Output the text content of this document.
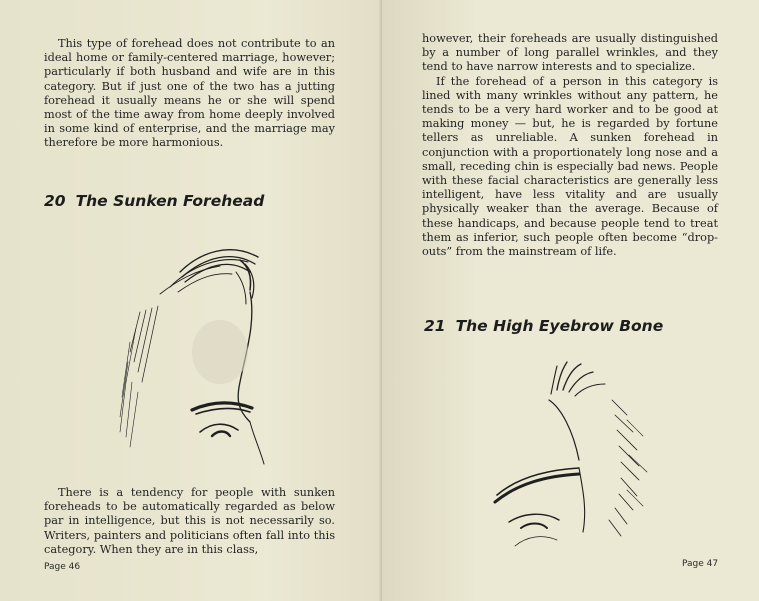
This type of forehead does not contribute to an ideal home or family-centered marriage, however; particularly if both husband and wife are in this category. But if just one of the two has a jutting forehead it usually means he or she will spend most of the time away from home deeply involved in some kind of enterprise, and the marriage may therefore be more harmonious.

20 The Sunken Forehead

There is a tendency for people with sunken foreheads to be automatically regarded as below par in intelligence, but this is not necessarily so. Writers, painters and politicians often fall into this category. When they are in this class,

Page 46

however, their foreheads are usually distinguished by a number of long parallel wrinkles, and they tend to have narrow interests and to specialize.

If the forehead of a person in this category is lined with many wrinkles without any pattern, he tends to be a very hard worker and to be good at making money — but, he is regarded by fortune tellers as unreliable. A sunken forehead in conjunction with a proportionately long nose and a small, receding chin is especially bad news. People with these facial characteristics are generally less intelligent, have less vitality and are usually physically weaker than the average. Because of these handicaps, and because people tend to treat them as inferior, such people often become “drop-outs” from the mainstream of life.

21 The High Eyebrow Bone
Page 47
